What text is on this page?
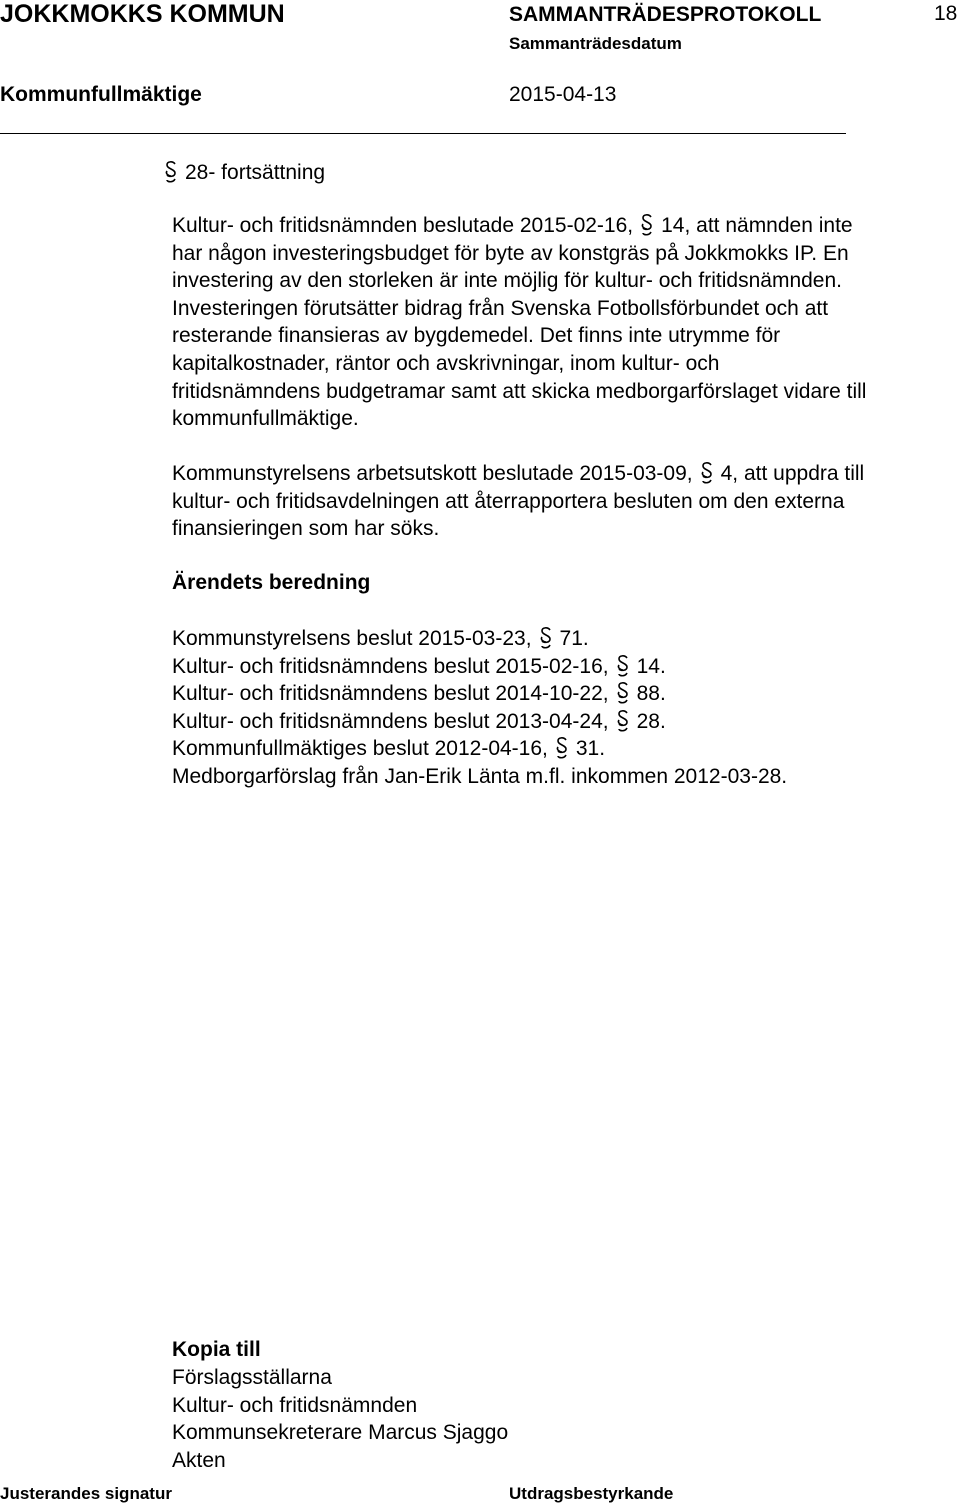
JOKKMOKKS KOMMUN	SAMMANTRÄDESPROTOKOLL	18
Sammanträdesdatum
Kommunfullmäktige	2015-04-13
28- fortsättning
Kultur- och fritidsnämnden beslutade 2015-02-16, 14, att nämnden inte
har någon investeringsbudget för byte av konstgräs på Jokkmokks IP. En
investering av den storleken är inte möjlig för kultur- och fritidsnämnden.
Investeringen förutsätter bidrag från Svenska Fotbollsförbundet och att
resterande finansieras av bygdemedel. Det finns inte utrymme för
kapitalkostnader, räntor och avskrivningar, inom kultur- och
fritidsnämndens budgetramar samt att skicka medborgarförslaget vidare till
kommunfullmäktige.
Kommunstyrelsens arbetsutskott beslutade 2015-03-09, 4, att uppdra till
kultur- och fritidsavdelningen att återrapportera besluten om den externa
finansieringen som har söks.
Ärendets beredning
Kommunstyrelsens beslut 2015-03-23, 71.
Kultur- och fritidsnämndens beslut 2015-02-16, 14.
Kultur- och fritidsnämndens beslut 2014-10-22, 88.
Kultur- och fritidsnämndens beslut 2013-04-24, 28.
Kommunfullmäktiges beslut 2012-04-16, 31.
Medborgarförslag från Jan-Erik Länta m.fl. inkommen 2012-03-28.
Kopia till
Förslagsställarna
Kultur- och fritidsnämnden
Kommunsekreterare Marcus Sjaggo
Akten
Justerandes signatur	Utdragsbestyrkande
